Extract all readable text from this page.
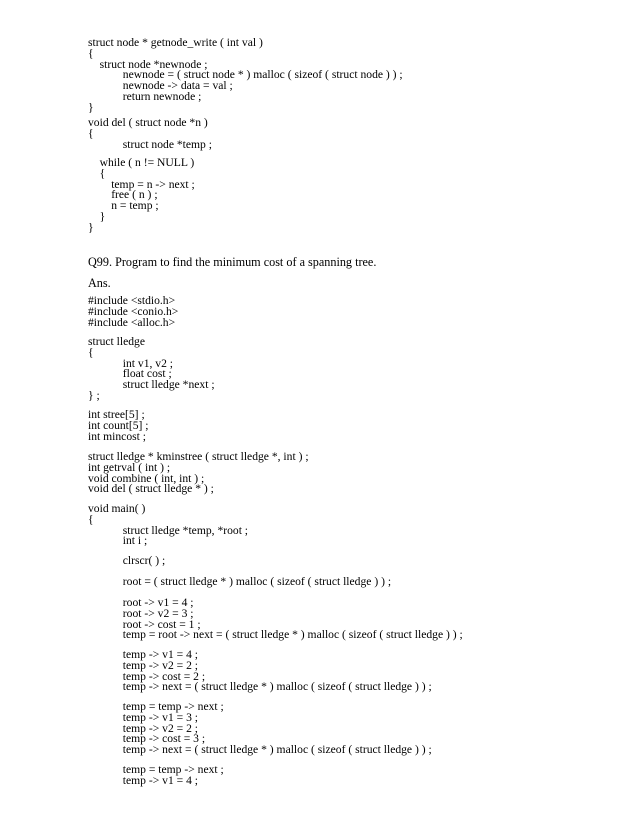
struct node * getnode_write ( int val )
{
struct node *newnode ;
newnode = ( struct node * ) malloc ( sizeof ( struct node ) ) ;
newnode -> data = val ;
return newnode ;
}
void del ( struct node *n )
{
struct node *temp ;
while ( n != NULL )
{
temp = n -> next ;
free ( n ) ;
n = temp ;
}
}
Q99. Program to find the minimum cost of a spanning tree.
Ans.
#include <stdio.h>
#include <conio.h>
#include <alloc.h>
struct lledge
{
int v1, v2 ;
float cost ;
struct lledge *next ;
} ;
int stree[5] ;
int count[5] ;
int mincost ;
struct lledge * kminstree ( struct lledge *, int ) ;
int getrval ( int ) ;
void combine ( int, int ) ;
void del ( struct lledge * ) ;
void main( )
{
struct lledge *temp, *root ;
int i ;
clrscr( ) ;
root = ( struct lledge * ) malloc ( sizeof ( struct lledge ) ) ;
root -> v1 = 4 ;
root -> v2 = 3 ;
root -> cost = 1 ;
temp = root -> next = ( struct lledge * ) malloc ( sizeof ( struct lledge ) ) ;
temp -> v1 = 4 ;
temp -> v2 = 2 ;
temp -> cost = 2 ;
temp -> next = ( struct lledge * ) malloc ( sizeof ( struct lledge ) ) ;
temp = temp -> next ;
temp -> v1 = 3 ;
temp -> v2 = 2 ;
temp -> cost = 3 ;
temp -> next = ( struct lledge * ) malloc ( sizeof ( struct lledge ) ) ;
temp = temp -> next ;
temp -> v1 = 4 ;
